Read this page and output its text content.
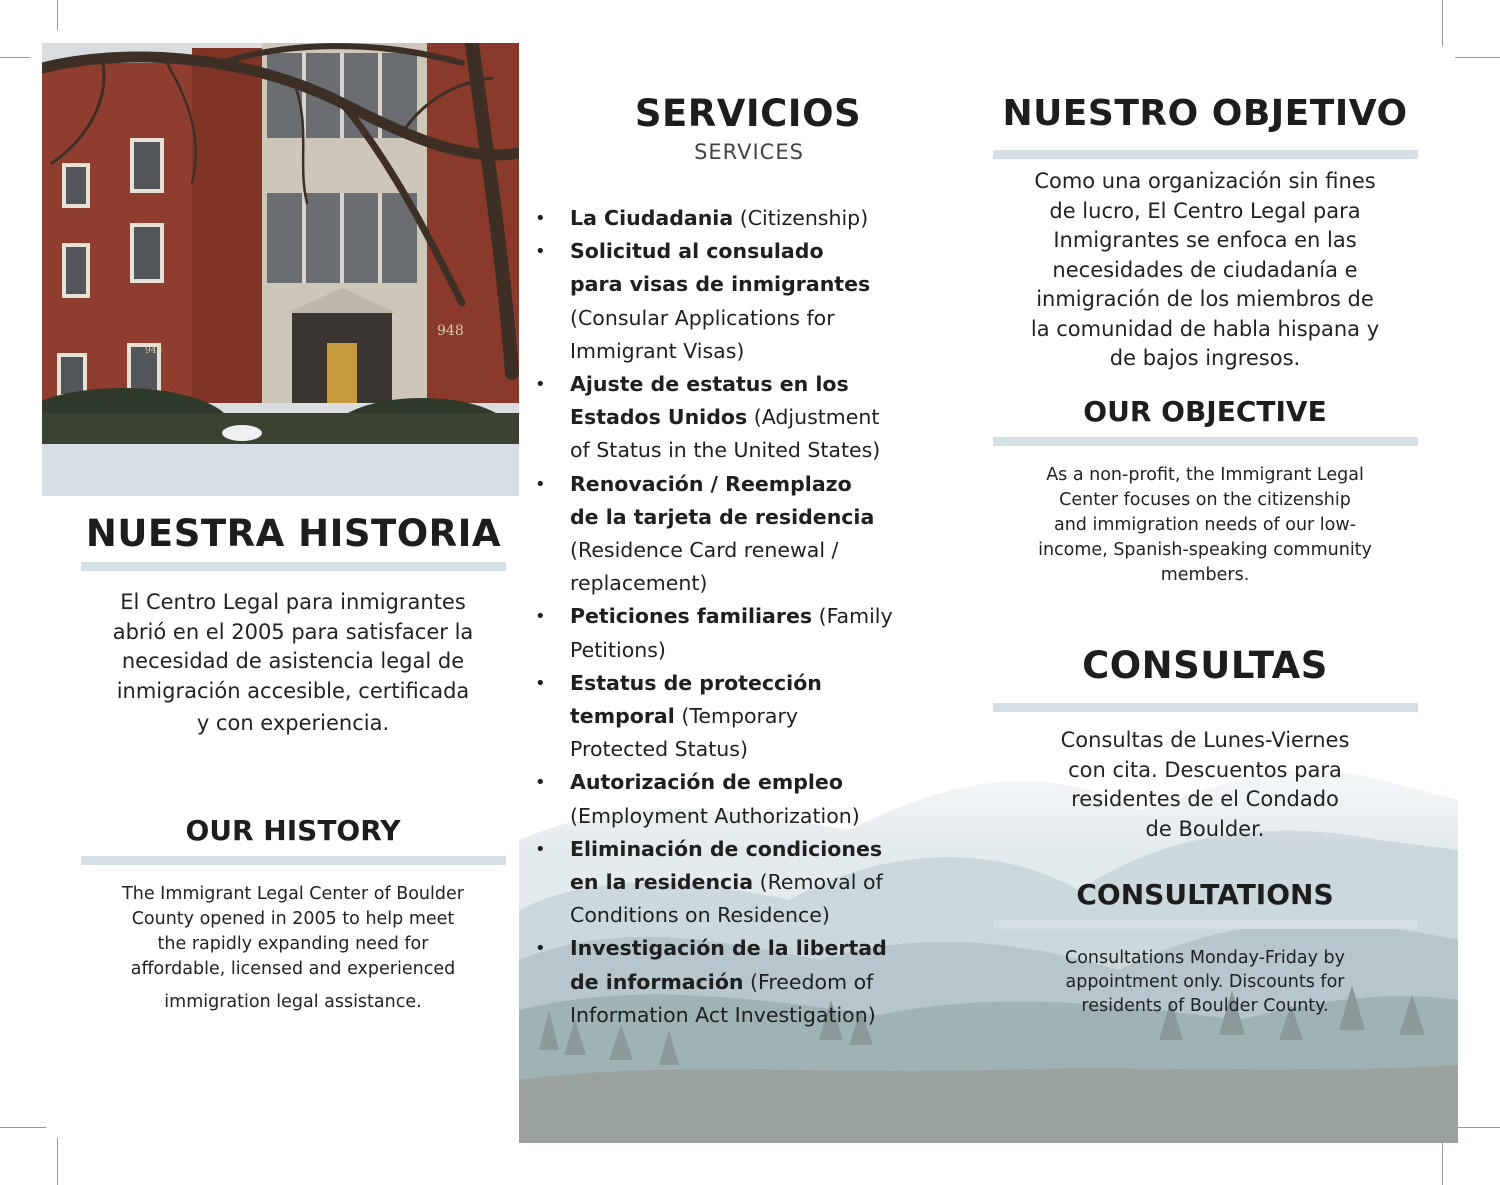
948
948
NUESTRA HISTORIA
El Centro Legal para inmigrantes
abrió en el 2005 para satisfacer la
necesidad de asistencia legal de
inmigración accesible, certificada
y con experiencia.
OUR HISTORY
The Immigrant Legal Center of Boulder
County opened in 2005 to help meet
the rapidly expanding need for
affordable, licensed and experienced
immigration legal assistance.
SERVICIOS
SERVICES
• La Ciudadania (Citizenship)
• Solicitud al consulado
para visas de inmigrantes
(Consular Applications for
Immigrant Visas)
• Ajuste de estatus en los
Estados Unidos (Adjustment
of Status in the United States)
• Renovación / Reemplazo
de la tarjeta de residencia
(Residence Card renewal /
replacement)
• Peticiones familiares (Family
Petitions)
• Estatus de protección
temporal (Temporary
Protected Status)
• Autorización de empleo
(Employment Authorization)
• Eliminación de condiciones
en la residencia (Removal of
Conditions on Residence)
• Investigación de la libertad
de información (Freedom of
Information Act Investigation)
NUESTRO OBJETIVO
Como una organización sin fines
de lucro, El Centro Legal para
Inmigrantes se enfoca en las
necesidades de ciudadanía e
inmigración de los miembros de
la comunidad de habla hispana y
de bajos ingresos.
OUR OBJECTIVE
As a non-profit, the Immigrant Legal
Center focuses on the citizenship
and immigration needs of our low-
income, Spanish-speaking community
members.
CONSULTAS
Consultas de Lunes-Viernes
con cita. Descuentos para
residentes de el Condado
de Boulder.
CONSULTATIONS
Consultations Monday-Friday by
appointment only. Discounts for
residents of Boulder County.
